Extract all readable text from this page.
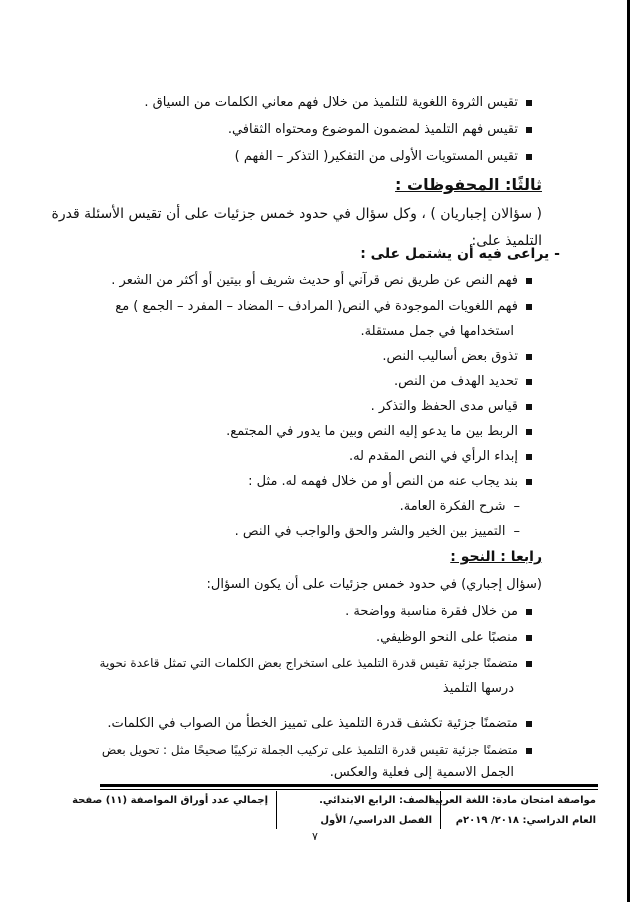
تقيس الثروة اللغوية للتلميذ من خلال فهم معاني الكلمات من السياق .
تقيس فهم التلميذ لمضمون الموضوع ومحتواه الثقافي.
تقيس المستويات الأولى من التفكير( التذكر – الفهم )
ثالثًا: المحفوظات :
( سؤالان إجباريان ) ، وكل سؤال في حدود خمس جزئيات على أن تقيس الأسئلة قدرة
التلميذ على:
- يراعى فيه أن يشتمل على :
فهم النص عن طريق نص قرآني أو حديث شريف أو بيتين أو أكثر من الشعر .
فهم اللغويات الموجودة في النص( المرادف – المضاد – المفرد – الجمع ) مع
استخدامها في جمل مستقلة.
تذوق بعض أساليب النص.
تحديد الهدف من النص.
قياس مدى الحفظ والتذكر .
الربط بين ما يدعو إليه النص وبين ما يدور في المجتمع.
إبداء الرأي في النص المقدم له.
بند يجاب عنه من النص أو من خلال فهمه له. مثل :
–شرح الفكرة العامة.
–التمييز بين الخير والشر والحق والواجب في النص .
رابعا : النحو :
(سؤال إجباري) في حدود خمس جزئيات على أن يكون السؤال:
من خلال فقرة مناسبة وواضحة .
منصبًا على النحو الوظيفي.
متضمنًا جزئية تقيس قدرة التلميذ على استخراج بعض الكلمات التي تمثل قاعدة نحوية
درسها التلميذ
متضمنًا جزئية تكشف قدرة التلميذ على تمييز الخطأ من الصواب في الكلمات.
متضمنًا جزئية تقيس قدرة التلميذ على تركيب الجملة تركيبًا صحيحًا مثل : تحويل بعض
الجمل الاسمية إلى فعلية والعكس.
مواصفة امتحان مادة: اللغة العربية
العام الدراسي: ٢٠١٨/ ٢٠١٩م
الصف: الرابع الابتدائي.
الفصل الدراسي/ الأول
إجمالي عدد أوراق المواصفة (١١) صفحة
٧
